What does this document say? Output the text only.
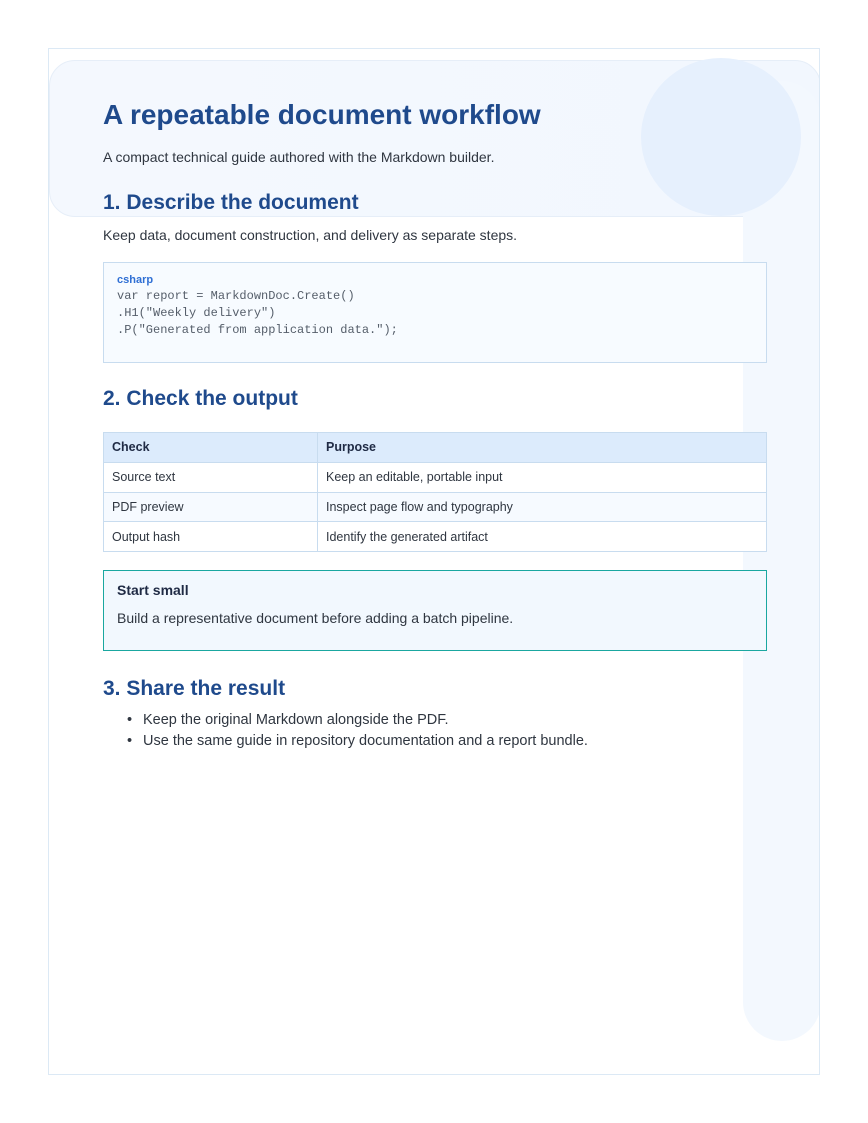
A repeatable document workflow

A compact technical guide authored with the Markdown builder.

1. Describe the document

Keep data, document construction, and delivery as separate steps.

csharp
var report = MarkdownDoc.Create()
.H1("Weekly delivery")
.P("Generated from application data.");
2. Check the output
Check	Purpose
Source text	Keep an editable, portable input
PDF preview	Inspect page flow and typography
Output hash	Identify the generated artifact
Start small
Build a representative document before adding a batch pipeline.
3. Share the result
• Keep the original Markdown alongside the PDF.
• Use the same guide in repository documentation and a report bundle.
